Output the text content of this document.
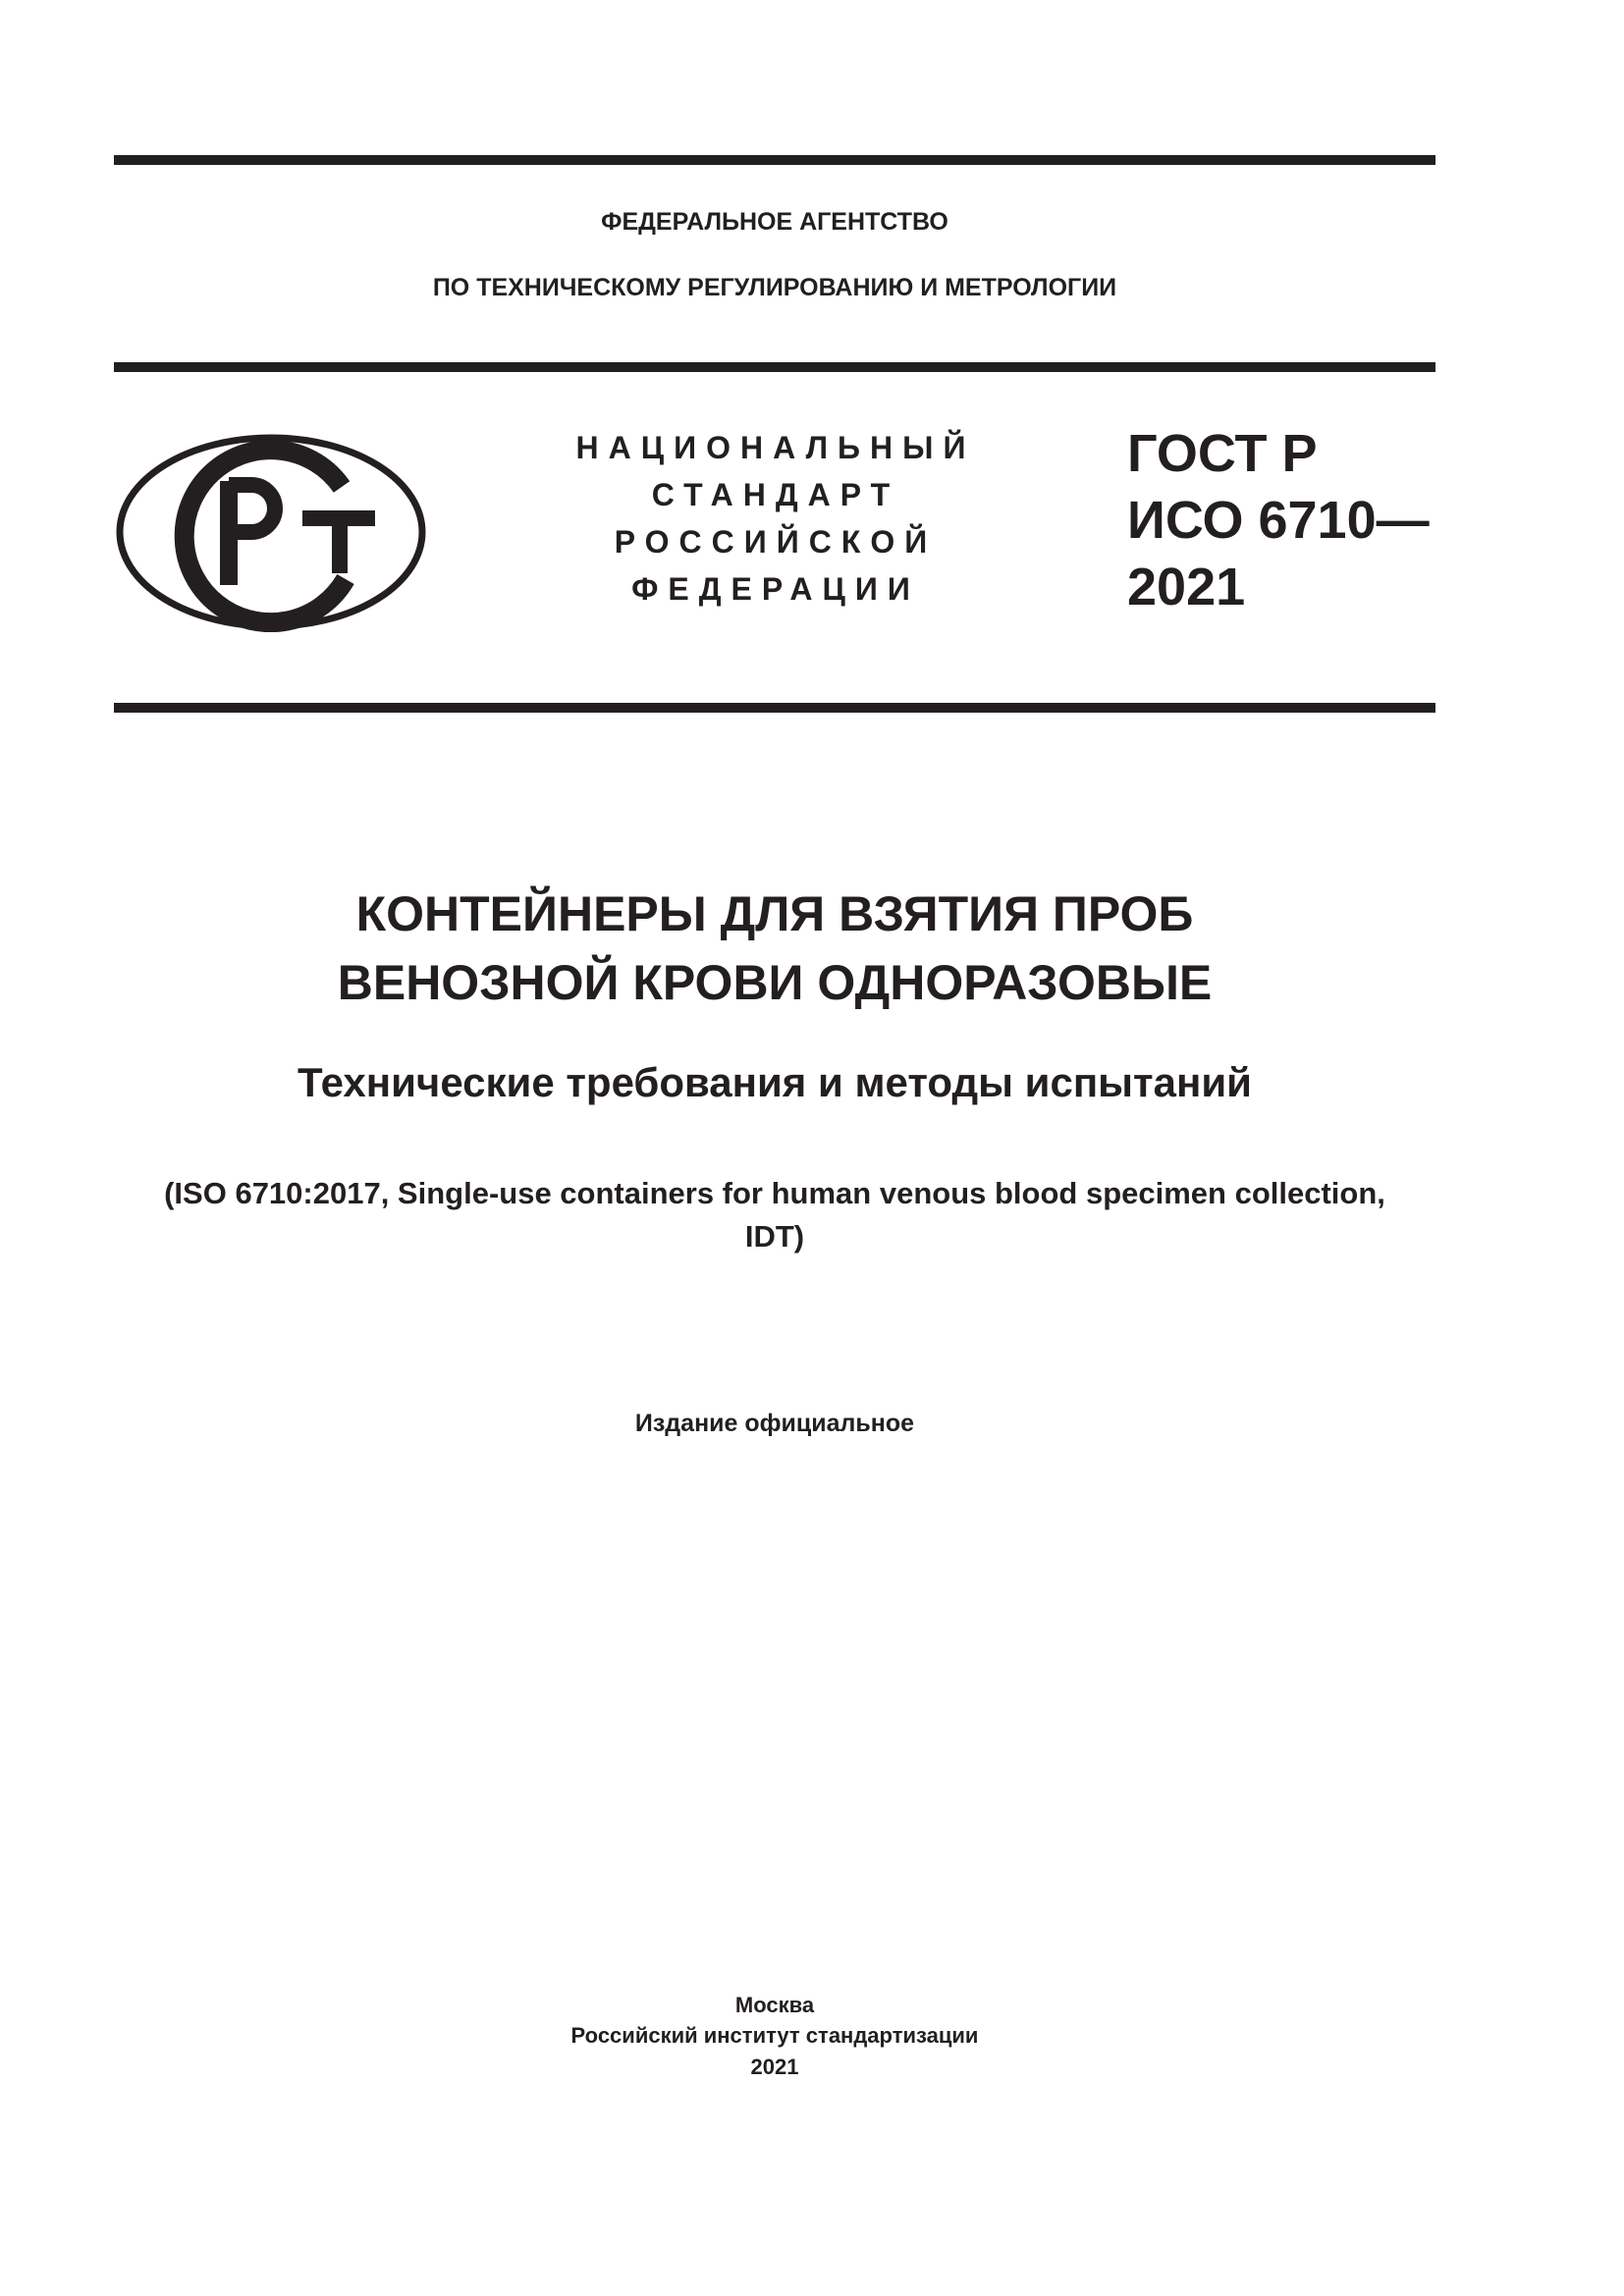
ФЕДЕРАЛЬНОЕ АГЕНТСТВО
ПО ТЕХНИЧЕСКОМУ РЕГУЛИРОВАНИЮ И МЕТРОЛОГИИ
НАЦИОНАЛЬНЫЙ
СТАНДАРТ
РОССИЙСКОЙ
ФЕДЕРАЦИИ
ГОСТ Р
ИСО 6710—
2021
КОНТЕЙНЕРЫ ДЛЯ ВЗЯТИЯ ПРОБ
ВЕНОЗНОЙ КРОВИ ОДНОРАЗОВЫЕ
Технические требования и методы испытаний
(ISO 6710:2017, Single-use containers for human venous blood specimen collection,
IDT)
Издание официальное
Москва
Российский институт стандартизации
2021
